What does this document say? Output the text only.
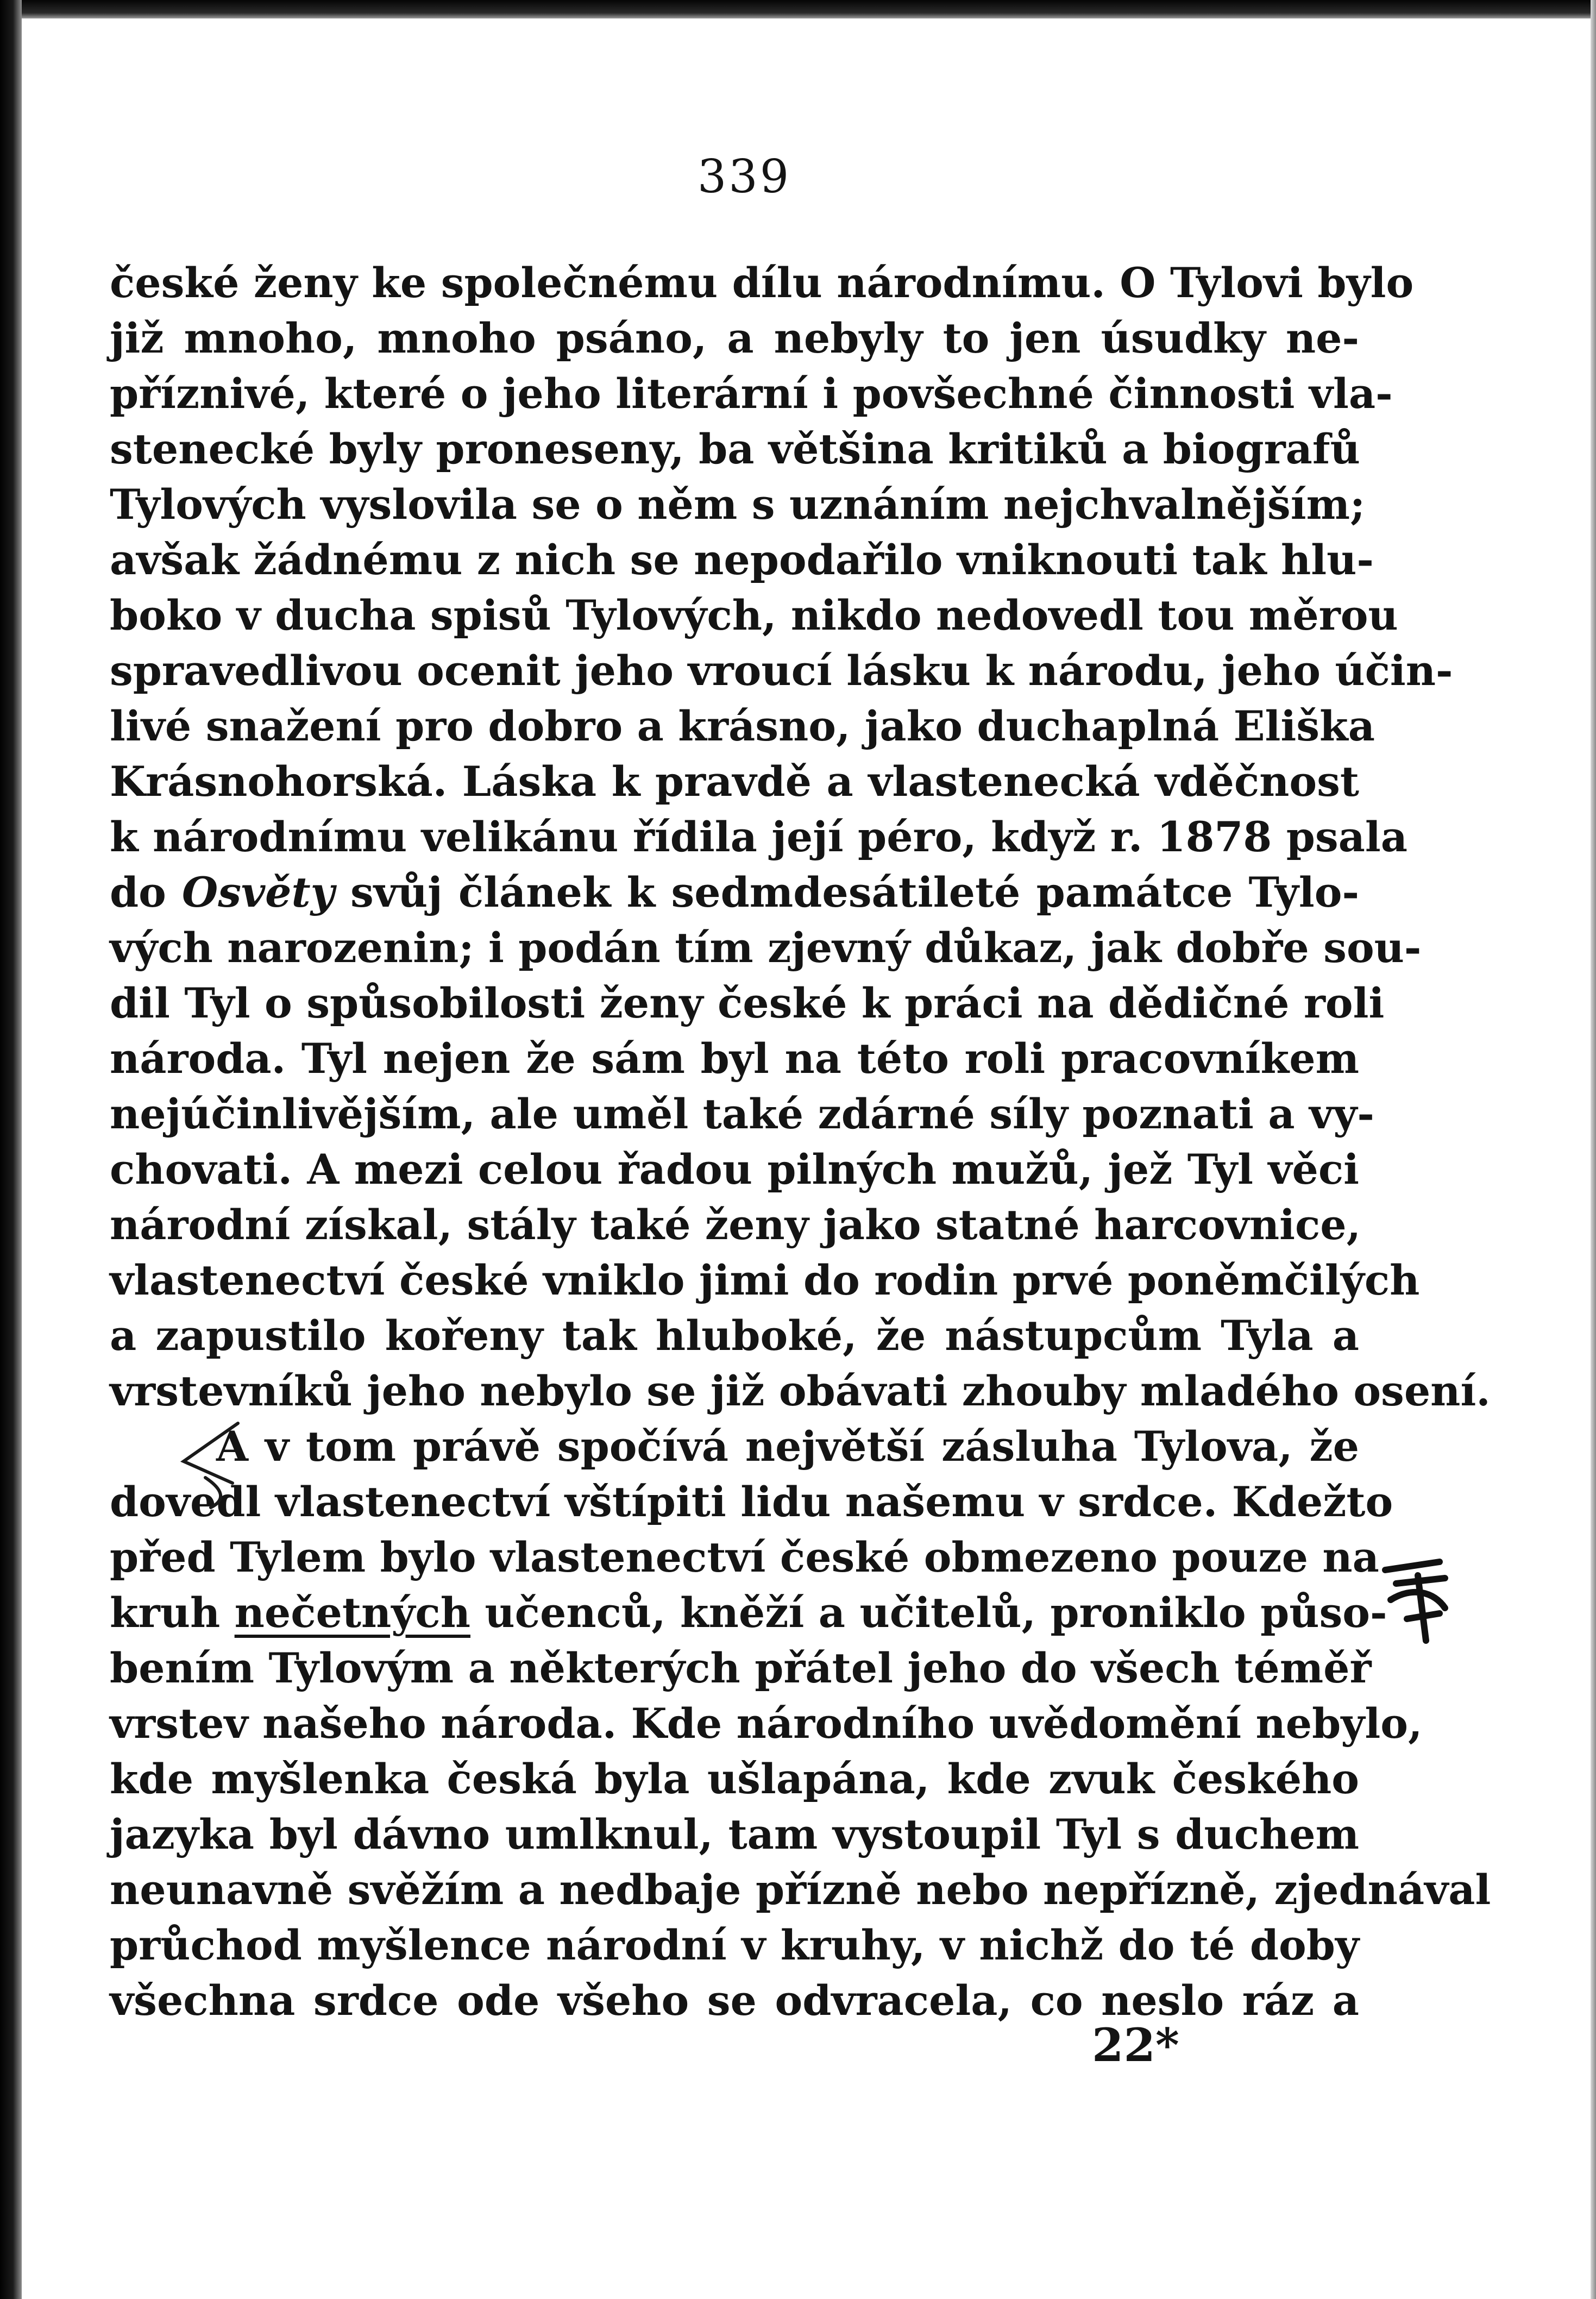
339
české ženy ke společnému dílu národnímu. O Tylovi bylo
již mnoho, mnoho psáno, a nebyly to jen úsudky ne-
příznivé, které o jeho literární i povšechné činnosti vla-
stenecké byly proneseny, ba většina kritiků a biografů
Tylových vyslovila se o něm s uznáním nejchvalnějším;
avšak žádnému z nich se nepodařilo vniknouti tak hlu-
boko v ducha spisů Tylových, nikdo nedovedl tou měrou
spravedlivou ocenit jeho vroucí lásku k národu, jeho účin-
livé snažení pro dobro a krásno, jako duchaplná Eliška
Krásnohorská. Láska k pravdě a vlastenecká vděčnost
k národnímu velikánu řídila její péro, když r. 1878 psala
do Osvěty svůj článek k sedmdesátileté památce Tylo-
vých narozenin; i podán tím zjevný důkaz, jak dobře sou-
dil Tyl o spůsobilosti ženy české k práci na dědičné roli
národa. Tyl nejen že sám byl na této roli pracovníkem
nejúčinlivějším, ale uměl také zdárné síly poznati a vy-
chovati. A mezi celou řadou pilných mužů, jež Tyl věci
národní získal, stály také ženy jako statné harcovnice,
vlastenectví české vniklo jimi do rodin prvé poněmčilých
a zapustilo kořeny tak hluboké, že nástupcům Tyla a
vrstevníků jeho nebylo se již obávati zhouby mladého osení.
A v tom právě spočívá největší zásluha Tylova, že
dovedl vlastenectví vštípiti lidu našemu v srdce. Kdežto
před Tylem bylo vlastenectví české obmezeno pouze na
kruh nečetných učenců, kněží a učitelů, proniklo půso-
bením Tylovým a některých přátel jeho do všech téměř
vrstev našeho národa. Kde národního uvědomění nebylo,
kde myšlenka česká byla ušlapána, kde zvuk českého
jazyka byl dávno umlknul, tam vystoupil Tyl s duchem
neunavně svěžím a nedbaje přízně nebo nepřízně, zjednával
průchod myšlence národní v kruhy, v nichž do té doby
všechna srdce ode všeho se odvracela, co neslo ráz a
22*
